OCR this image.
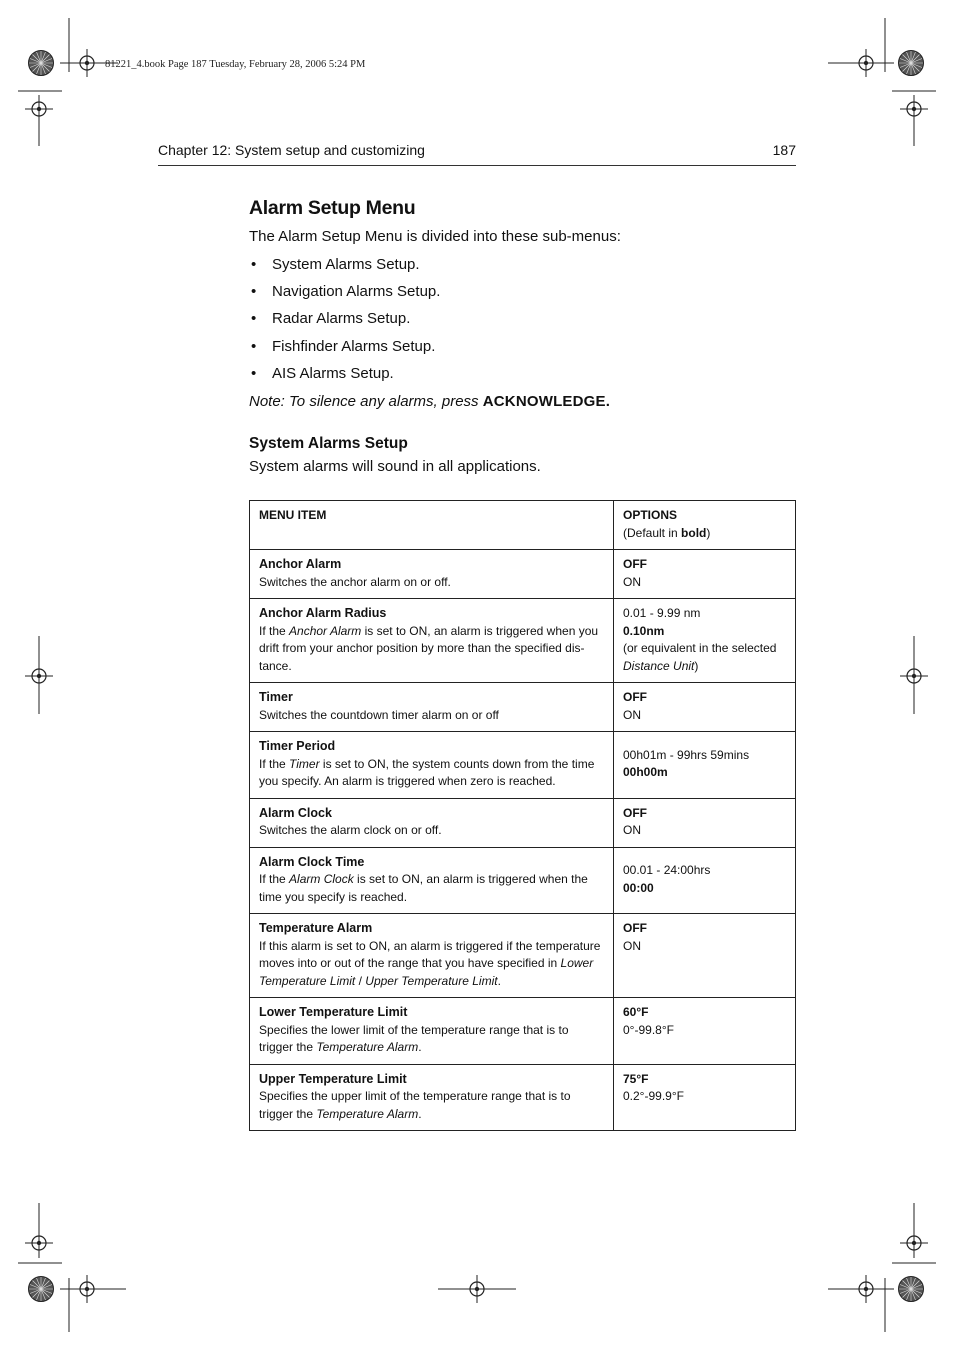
81221_4.book Page 187 Tuesday, February 28, 2006 5:24 PM
Chapter 12: System setup and customizing	187
Alarm Setup Menu
The Alarm Setup Menu is divided into these sub-menus:
• System Alarms Setup.
• Navigation Alarms Setup.
• Radar Alarms Setup.
• Fishfinder Alarms Setup.
• AIS Alarms Setup.
Note: To silence any alarms, press ACKNOWLEDGE.
System Alarms Setup
System alarms will sound in all applications.
MENU ITEM	OPTIONS
(Default in bold)

Anchor Alarm
Switches the anchor alarm on or off.	OFF
ON

Anchor Alarm Radius
If the Anchor Alarm is set to ON, an alarm is triggered when you drift from your anchor position by more than the specified dis-tance.	0.01 - 9.99 nm
0.10nm
(or equivalent in the selected Distance Unit)

Timer
Switches the countdown timer alarm on or off	OFF
ON

Timer Period
If the Timer is set to ON, the system counts down from the time you specify. An alarm is triggered when zero is reached.	00h01m - 99hrs 59mins
00h00m

Alarm Clock
Switches the alarm clock on or off.	OFF
ON

Alarm Clock Time
If the Alarm Clock is set to ON, an alarm is triggered when the time you specify is reached.	00.01 - 24:00hrs
00:00

Temperature Alarm
If this alarm is set to ON, an alarm is triggered if the temperature moves into or out of the range that you have specified in Lower Temperature Limit / Upper Temperature Limit.	OFF
ON

Lower Temperature Limit
Specifies the lower limit of the temperature range that is to trigger the Temperature Alarm.	60°F
0°-99.8°F

Upper Temperature Limit
Specifies the upper limit of the temperature range that is to trigger the Temperature Alarm.	75°F
0.2°-99.9°F
